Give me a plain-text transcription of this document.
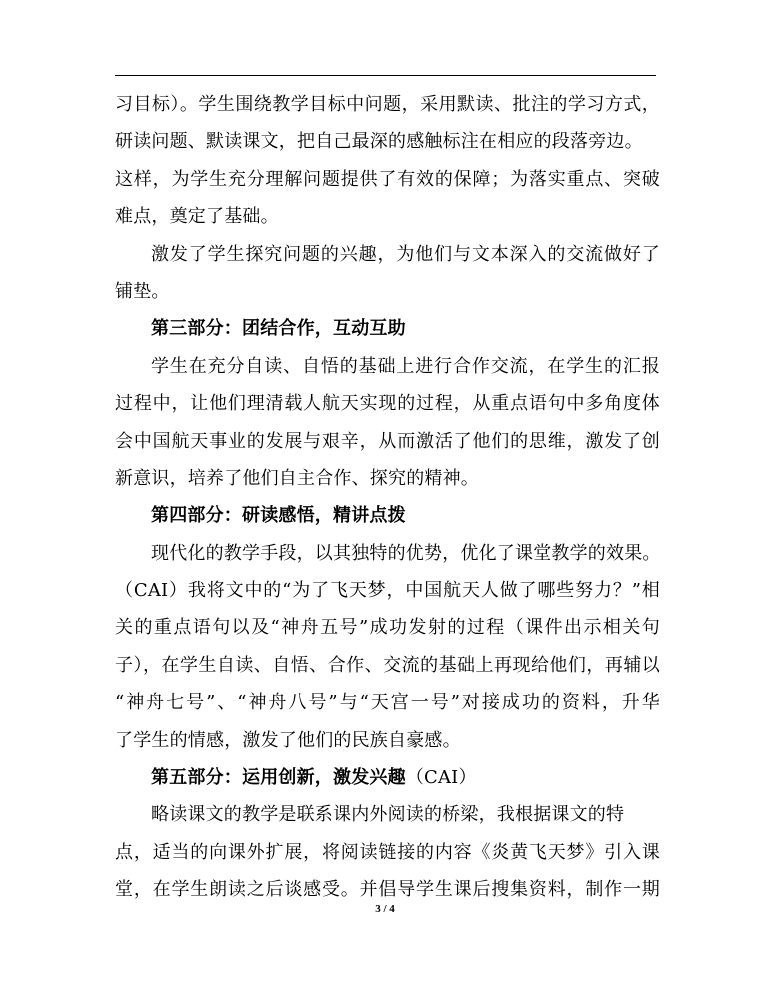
习目标）。学生围绕教学目标中问题，采用默读、批注的学习方式，
研读问题、默读课文，把自己最深的感触标注在相应的段落旁边。
这样，为学生充分理解问题提供了有效的保障；为落实重点、突破
难点，奠定了基础。
激发了学生探究问题的兴趣，为他们与文本深入的交流做好了
铺垫。
第三部分：团结合作，互动互助
学生在充分自读、自悟的基础上进行合作交流，在学生的汇报
过程中，让他们理清载人航天实现的过程，从重点语句中多角度体
会中国航天事业的发展与艰辛，从而激活了他们的思维，激发了创
新意识，培养了他们自主合作、探究的精神。
第四部分：研读感悟，精讲点拨
现代化的教学手段，以其独特的优势，优化了课堂教学的效果。
（CAI）我将文中的“为了飞天梦，中国航天人做了哪些努力？”相
关的重点语句以及“神舟五号”成功发射的过程（课件出示相关句
子），在学生自读、自悟、合作、交流的基础上再现给他们，再辅以
“神舟七号”、“神舟八号”与“天宫一号”对接成功的资料，升华
了学生的情感，激发了他们的民族自豪感。
第五部分：运用创新，激发兴趣（CAI）
略读课文的教学是联系课内外阅读的桥梁，我根据课文的特
点，适当的向课外扩展，将阅读链接的内容《炎黄飞天梦》引入课
堂，在学生朗读之后谈感受。并倡导学生课后搜集资料，制作一期
3 / 4
